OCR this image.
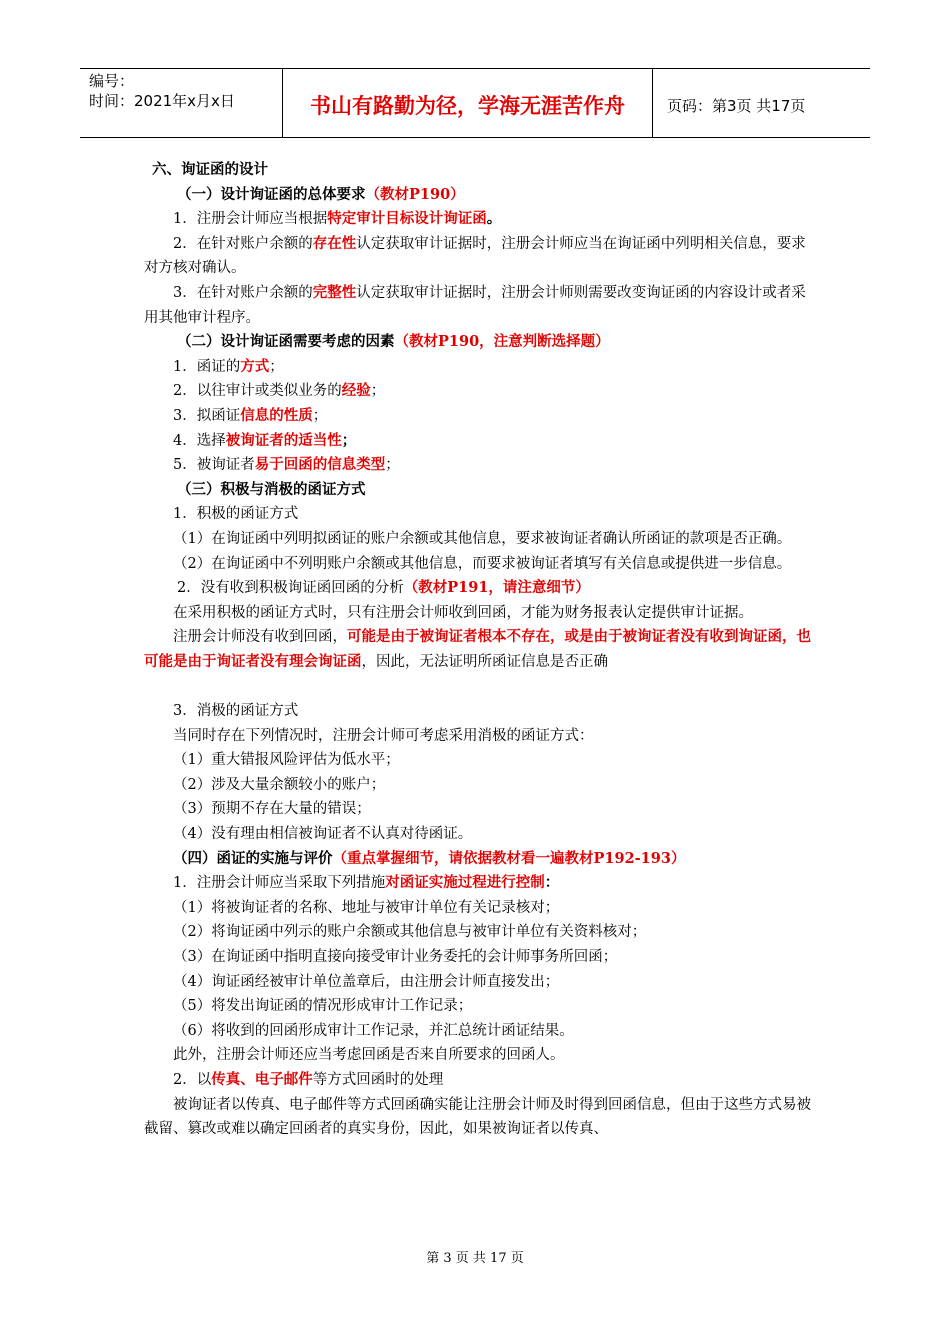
编号：
时间：2021年x月x日	书山有路勤为径，学海无涯苦作舟	页码：第3页 共17页

六、询证函的设计

（一）设计询证函的总体要求（教材P190）

1．注册会计师应当根据特定审计目标设计询证函。

2．在针对账户余额的存在性认定获取审计证据时，注册会计师应当在询证函中列明相关信息，要求对方核对确认。

3．在针对账户余额的完整性认定获取审计证据时，注册会计师则需要改变询证函的内容设计或者采用其他审计程序。

（二）设计询证函需要考虑的因素（教材P190，注意判断选择题）

1．函证的方式；

2．以往审计或类似业务的经验；

3．拟函证信息的性质；

4．选择被询证者的适当性；

5．被询证者易于回函的信息类型；

（三）积极与消极的函证方式

1．积极的函证方式

（1）在询证函中列明拟函证的账户余额或其他信息，要求被询证者确认所函证的款项是否正确。

（2）在询证函中不列明账户余额或其他信息，而要求被询证者填写有关信息或提供进一步信息。

2．没有收到积极询证函回函的分析（教材P191，请注意细节）

在采用积极的函证方式时，只有注册会计师收到回函，才能为财务报表认定提供审计证据。

注册会计师没有收到回函，可能是由于被询证者根本不存在，或是由于被询证者没有收到询证函，也可能是由于询证者没有理会询证函，因此，无法证明所函证信息是否正确

3．消极的函证方式

当同时存在下列情况时，注册会计师可考虑采用消极的函证方式：

（1）重大错报风险评估为低水平；

（2）涉及大量余额较小的账户；

（3）预期不存在大量的错误；

（4）没有理由相信被询证者不认真对待函证。

（四）函证的实施与评价（重点掌握细节，请依据教材看一遍教材P192-193）

1．注册会计师应当采取下列措施对函证实施过程进行控制：

（1）将被询证者的名称、地址与被审计单位有关记录核对；

（2）将询证函中列示的账户余额或其他信息与被审计单位有关资料核对；

（3）在询证函中指明直接向接受审计业务委托的会计师事务所回函；

（4）询证函经被审计单位盖章后，由注册会计师直接发出；

（5）将发出询证函的情况形成审计工作记录；

（6）将收到的回函形成审计工作记录，并汇总统计函证结果。

此外，注册会计师还应当考虑回函是否来自所要求的回函人。

2．以传真、电子邮件等方式回函时的处理

被询证者以传真、电子邮件等方式回函确实能让注册会计师及时得到回函信息，但由于这些方式易被截留、篡改或难以确定回函者的真实身份，因此，如果被询证者以传真、

第 3 页 共 17 页
